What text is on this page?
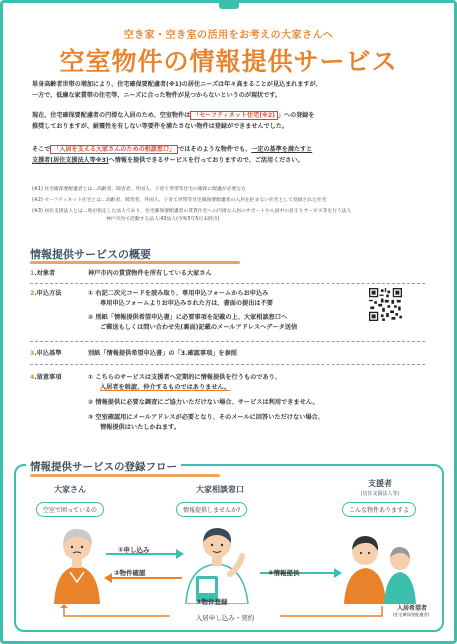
空き家・空き室の活用をお考えの大家さんへ
空室物件の情報提供サービス
単身高齢者世帯の増加により、住宅確保要配慮者(※1)の居住ニーズは年々高まることが見込まれますが、
一方で、低廉な家賃帯の住宅等、ニーズに合った物件が見つからないというのが現状です。
現在、住宅確保要配慮者の円滑な入居のため、空室物件は 「セーフティネット住宅(※2) 」への登録を
推奨しておりますが、耐震性を有しない等要件を満たさない物件は登録ができませんでした。
そこで 「入居を支える大家さんのための相談窓口」 ではそのような物件でも、一定の基準を満たすと
支援者(居住支援法人等※3)へ情報を提供できるサービスを行っておりますので、ご活用ください。
(※1) 住宅確保要配慮者とは…高齢者、障害者、外国人、子育て世帯等住宅の確保に配慮が必要な方
(※2) セーフティネット住宅とは…高齢者、障害者、外国人、子育て世帯等住宅確保要配慮者の入居を拒まない住宅として登録された住宅
(※3) 居住支援法人とは…県が指定した法人であり、住宅確保要配慮者の賃貸住宅への円滑な入居のサポートや入居中の見守りサービス等を行う法人
神戸市内で活動する法人:43法人(令和5年5月末時点)
情報提供サービスの概要
1.対象者	神戸市内の賃貸物件を所有している大家さん
2.申込方法	① 右記二次元コードを読み取り、専用申込フォームからお申込み
専用申込フォームよりお申込みされた方は、書面の提出は不要
② 別紙「情報提供希望申込書」に必要事項を記載の上、大家相談窓口へ
ご郵送もしくは問い合わせ先(裏面)記載のメールアドレスへデータ送信
3.申込基準	別紙「情報提供希望申込書」の「3.確認事項」を参照
4.留意事項	① こちらのサービスは支援者へ定期的に情報提供を行うものであり、
入居者を斡旋、仲介するものではありません。
② 情報提供に必要な調査にご協力いただけない場合、サービスは利用できません。
③ 空室確認用にメールアドレスが必要となり、そのメールに回答いただけない場合、
情報提供はいたしかねます。
情報提供サービスの登録フロー
大家さん	大家相談窓口
支援者
(居住支援法人等)
空室で困っているの	情報提供しませんか?	こんな物件ありますよ
①申し込み
②物件確認
③物件登録
④情報提供
入居希望者
(住宅確保要配慮者)
入居申し込み・契約
